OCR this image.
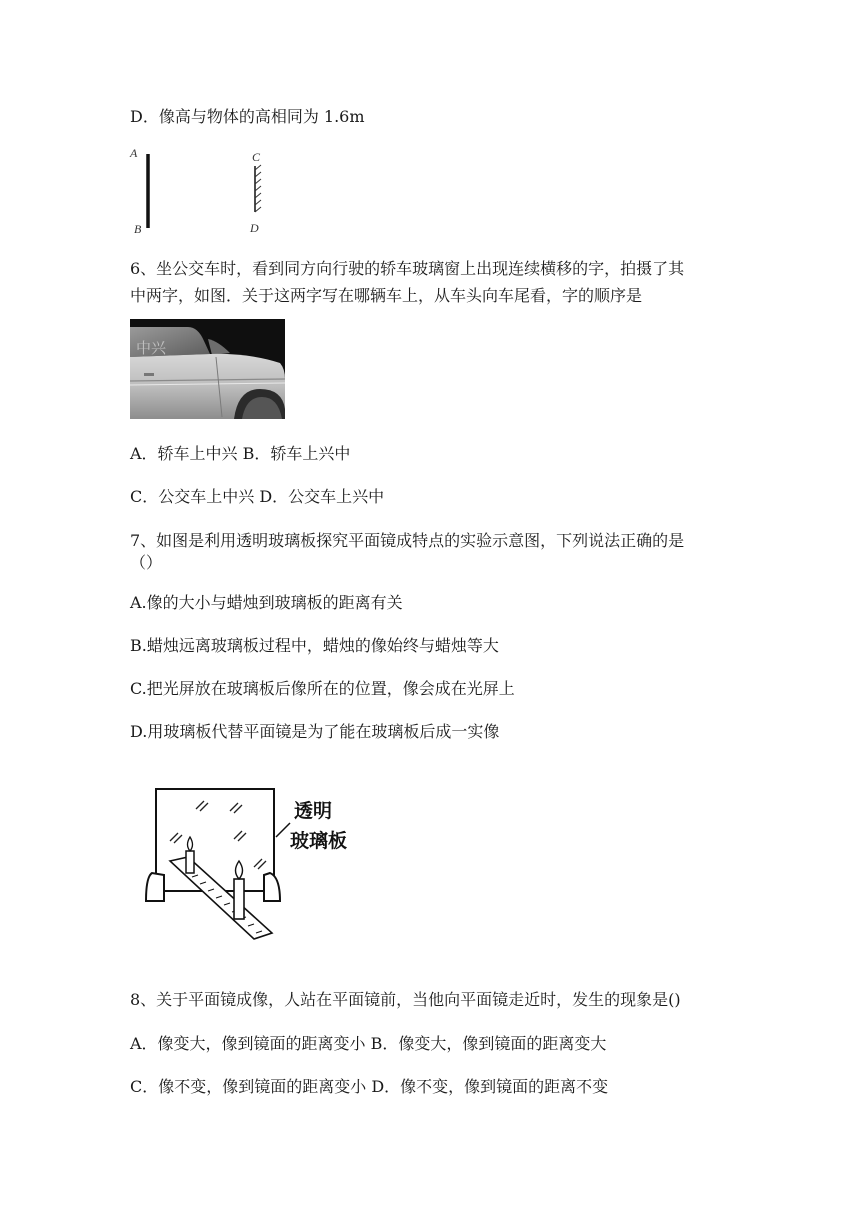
D．像高与物体的高相同为 1.6m
A
B
C
D
6、坐公交车时，看到同方向行驶的轿车玻璃窗上出现连续横移的字，拍摄了其
中两字，如图．关于这两字写在哪辆车上，从车头向车尾看，字的顺序是
中兴
A．轿车上中兴 B．轿车上兴中
C．公交车上中兴 D．公交车上兴中
7、如图是利用透明玻璃板探究平面镜成特点的实验示意图，下列说法正确的是
（）
A.像的大小与蜡烛到玻璃板的距离有关
B.蜡烛远离玻璃板过程中，蜡烛的像始终与蜡烛等大
C.把光屏放在玻璃板后像所在的位置，像会成在光屏上
D.用玻璃板代替平面镜是为了能在玻璃板后成一实像
透明
玻璃板
8、关于平面镜成像，人站在平面镜前，当他向平面镜走近时，发生的现象是()
A．像变大，像到镜面的距离变小 B．像变大，像到镜面的距离变大
C．像不变，像到镜面的距离变小 D．像不变，像到镜面的距离不变
